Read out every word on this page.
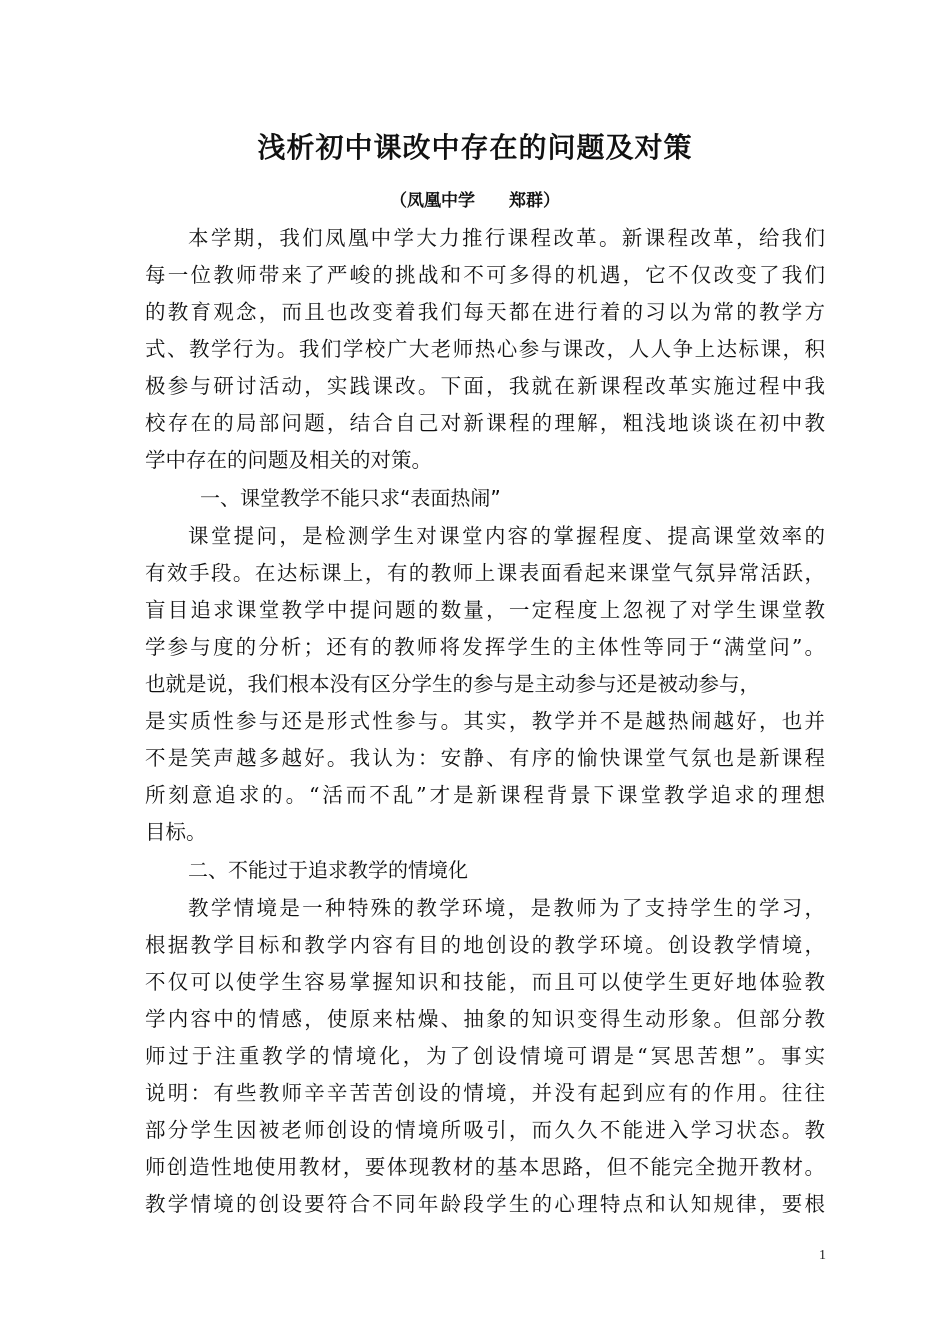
浅析初中课改中存在的问题及对策
（凤凰中学　　郑群）
本学期，我们凤凰中学大力推行课程改革。新课程改革，给我们
每一位教师带来了严峻的挑战和不可多得的机遇，它不仅改变了我们
的教育观念，而且也改变着我们每天都在进行着的习以为常的教学方
式、教学行为。我们学校广大老师热心参与课改，人人争上达标课，积
极参与研讨活动，实践课改。下面，我就在新课程改革实施过程中我
校存在的局部问题，结合自己对新课程的理解，粗浅地谈谈在初中教
学中存在的问题及相关的对策。
一、课堂教学不能只求“表面热闹”
课堂提问，是检测学生对课堂内容的掌握程度、提高课堂效率的
有效手段。在达标课上，有的教师上课表面看起来课堂气氛异常活跃，
盲目追求课堂教学中提问题的数量，一定程度上忽视了对学生课堂教
学参与度的分析；还有的教师将发挥学生的主体性等同于“满堂问”。
也就是说，我们根本没有区分学生的参与是主动参与还是被动参与，
是实质性参与还是形式性参与。其实，教学并不是越热闹越好，也并
不是笑声越多越好。我认为：安静、有序的愉快课堂气氛也是新课程
所刻意追求的。“活而不乱”才是新课程背景下课堂教学追求的理想
目标。
二、不能过于追求教学的情境化
教学情境是一种特殊的教学环境，是教师为了支持学生的学习，
根据教学目标和教学内容有目的地创设的教学环境。创设教学情境，
不仅可以使学生容易掌握知识和技能，而且可以使学生更好地体验教
学内容中的情感，使原来枯燥、抽象的知识变得生动形象。但部分教
师过于注重教学的情境化，为了创设情境可谓是“冥思苦想”。事实
说明：有些教师辛辛苦苦创设的情境，并没有起到应有的作用。往往
部分学生因被老师创设的情境所吸引，而久久不能进入学习状态。教
师创造性地使用教材，要体现教材的基本思路，但不能完全抛开教材。
教学情境的创设要符合不同年龄段学生的心理特点和认知规律，要根
1
